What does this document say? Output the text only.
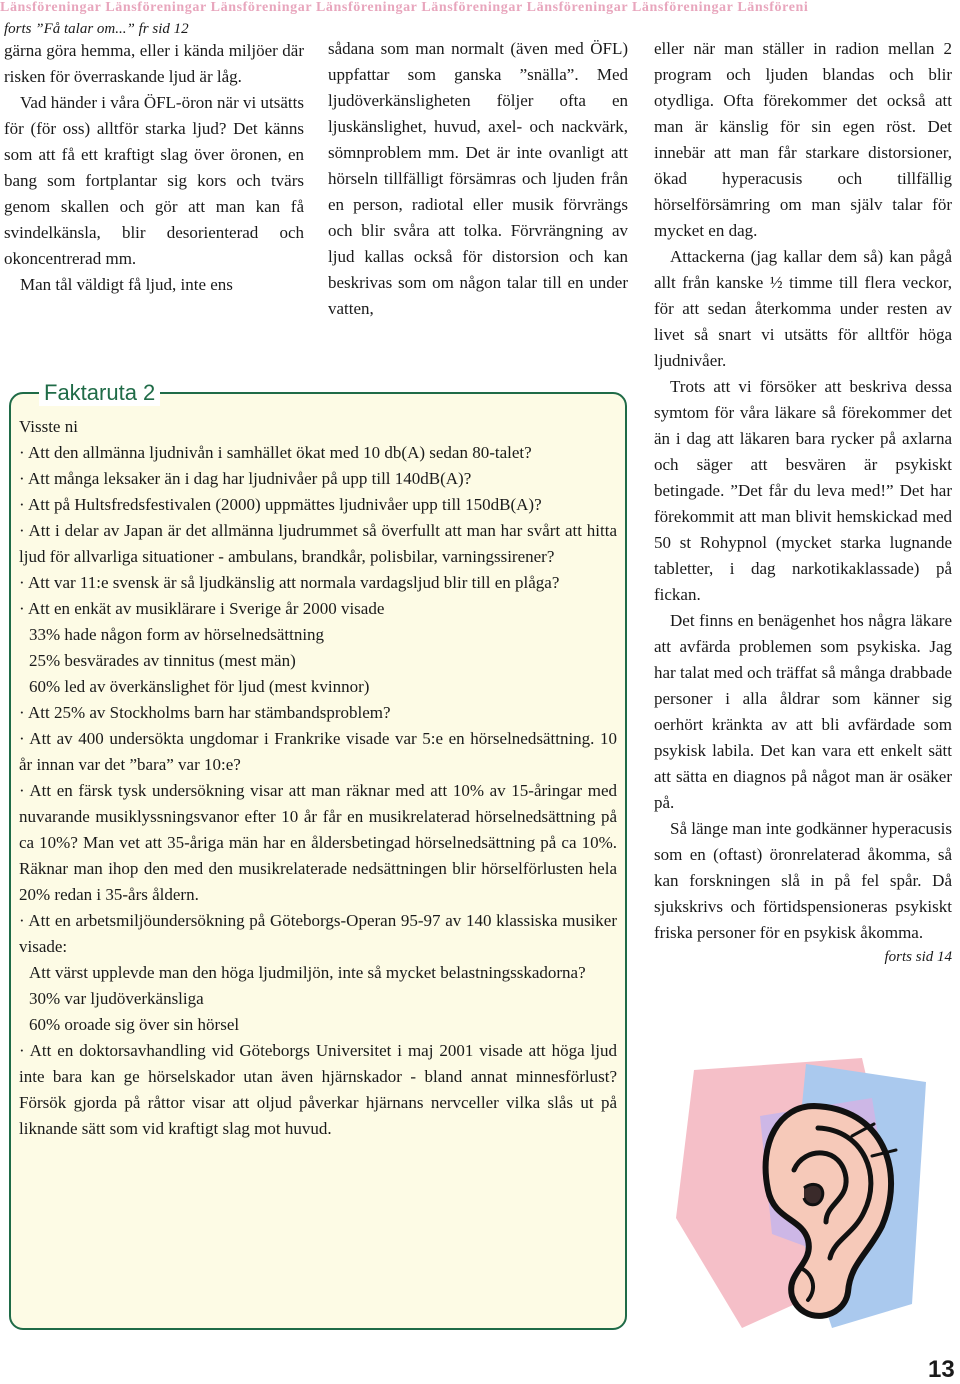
Länsföreningar Länsföreningar Länsföreningar Länsföreningar Länsföreningar Länsföreningar Länsföreningar Länsföreni

forts ”Få talar om...” fr sid 12

gärna göra hemma, eller i kända miljöer där risken för överraskande ljud är låg.

Vad händer i våra ÖFL-öron när vi utsätts för (för oss) alltför starka ljud? Det känns som att få ett kraftigt slag över öronen, en bang som fortplantar sig kors och tvärs genom skallen och gör att man kan få svindelkänsla, blir desorienterad och okoncentrerad mm.

Man tål väldigt få ljud, inte ens

sådana som man normalt (även med ÖFL) uppfattar som ganska ”snälla”. Med ljudöverkänsligheten följer ofta en ljuskänslighet, huvud, axel- och nackvärk, sömnproblem mm. Det är inte ovanligt att hörseln tillfälligt försämras och ljuden från en person, radiotal eller musik förvrängs och blir svåra att tolka. Förvrängning av ljud kallas också för distorsion och kan beskrivas som om någon talar till en under vatten,

eller när man ställer in radion mellan 2 program och ljuden blandas och blir otydliga. Ofta förekommer det också att man är känslig för sin egen röst. Det innebär att man får starkare distorsioner, ökad hyperacusis och tillfällig hörselförsämring om man själv talar för mycket en dag.

Attackerna (jag kallar dem så) kan pågå allt från kanske ½ timme till flera veckor, för att sedan återkomma under resten av livet så snart vi utsätts för alltför höga ljudnivåer.

Trots att vi försöker att beskriva dessa symtom för våra läkare så förekommer det än i dag att läkaren bara rycker på axlarna och säger att besvären är psykiskt betingade. ”Det får du leva med!” Det har förekommit att man blivit hemskickad med 50 st Rohypnol (mycket starka lugnande tabletter, i dag narkotikaklassade) på fickan.

Det finns en benägenhet hos några läkare att avfärda problemen som psykiska. Jag har talat med och träffat så många drabbade personer i alla åldrar som känner sig oerhört kränkta av att bli avfärdade som psykisk labila. Det kan vara ett enkelt sätt att sätta en diagnos på något man är osäker på.

Så länge man inte godkänner hyperacusis som en (oftast) öronrelaterad åkomma, så kan forskningen slå in på fel spår. Då sjukskrivs och förtidspensioneras psykiskt friska personer för en psykisk åkomma.

forts sid 14

Faktaruta 2

Visste ni

· Att den allmänna ljudnivån i samhället ökat med 10 db(A) sedan 80-talet?

· Att många leksaker än i dag har ljudnivåer på upp till 140dB(A)?

· Att på Hultsfredsfestivalen (2000) uppmättes ljudnivåer upp till 150dB(A)?

· Att i delar av Japan är det allmänna ljudrummet så överfullt att man har svårt att hitta ljud för allvarliga situationer - ambulans, brandkår, polisbilar, varningssirener?

· Att var 11:e svensk är så ljudkänslig att normala vardagsljud blir till en plåga?

· Att en enkät av musiklärare i Sverige år 2000 visade

33% hade någon form av hörselnedsättning

25% besvärades av tinnitus (mest män)

60% led av överkänslighet för ljud (mest kvinnor)

· Att 25% av Stockholms barn har stämbandsproblem?

· Att av 400 undersökta ungdomar i Frankrike visade var 5:e en hörselnedsättning. 10 år innan var det ”bara” var 10:e?

· Att en färsk tysk undersökning visar att man räknar med att 10% av 15-åringar med nuvarande musiklyssningsvanor efter 10 år får en musikrelaterad hörselnedsättning på ca 10%? Man vet att 35-åriga män har en åldersbetingad hörselnedsättning på ca 10%. Räknar man ihop den med den musikrelaterade nedsättningen blir hörselförlusten hela 20% redan i 35-års åldern.

· Att en arbetsmiljöundersökning på Göteborgs-Operan 95-97 av 140 klassiska musiker visade:

Att värst upplevde man den höga ljudmiljön, inte så mycket belastningsskadorna?

30% var ljudöverkänsliga

60% oroade sig över sin hörsel

· Att en doktorsavhandling vid Göteborgs Universitet i maj 2001 visade att höga ljud inte bara kan ge hörselskador utan även hjärnskador - bland annat minnesförlust? Försök gjorda på råttor visar att oljud påverkar hjärnans nervceller vilka slås ut på liknande sätt som vid kraftigt slag mot huvud.

13
